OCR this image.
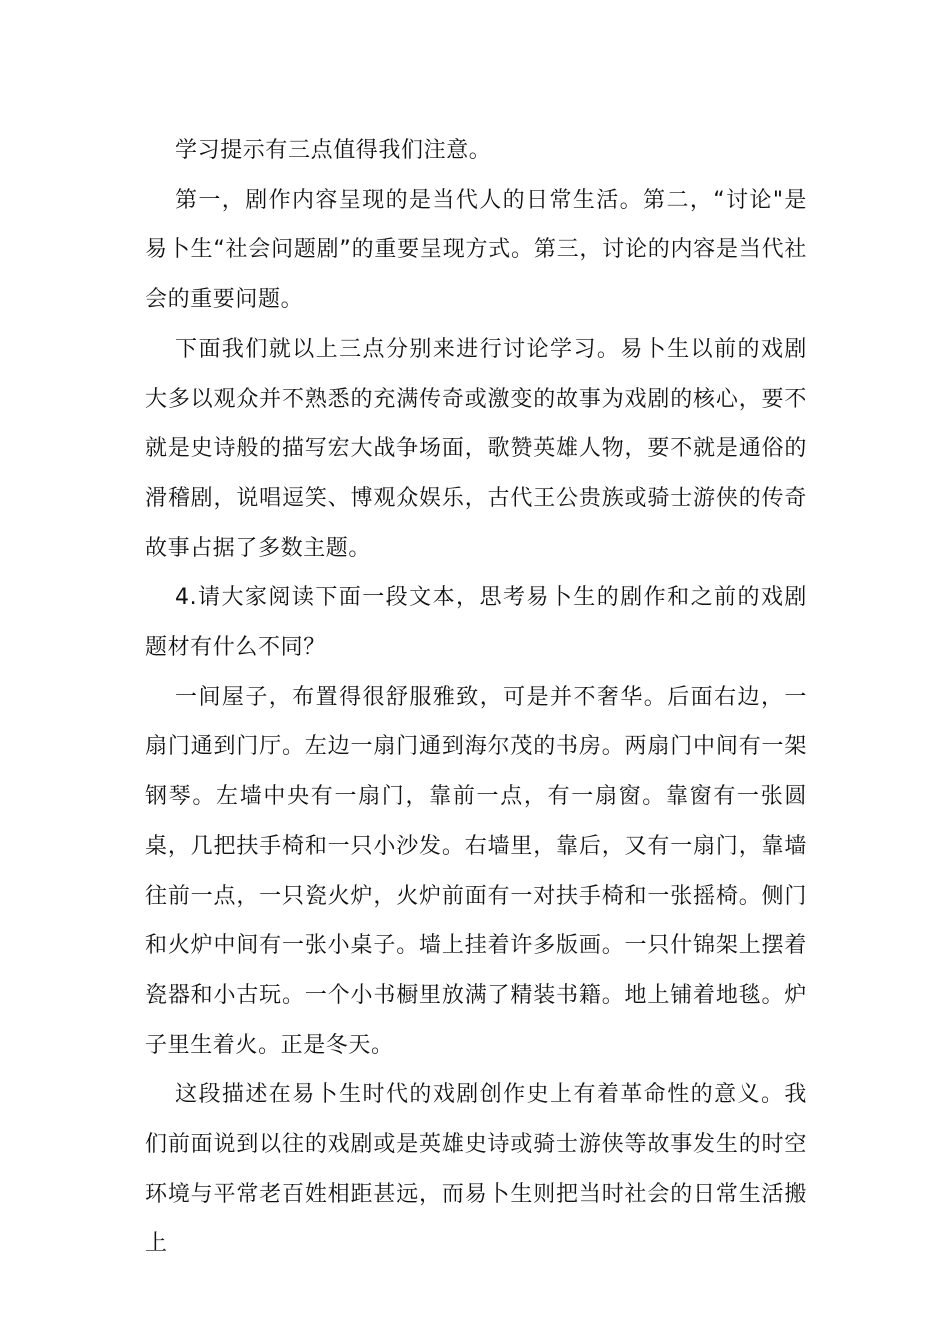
学习提示有三点值得我们注意。

第一，剧作内容呈现的是当代人的日常生活。第二，“讨论"是易卜生“社会问题剧”的重要呈现方式。第三，讨论的内容是当代社会的重要问题。

下面我们就以上三点分别来进行讨论学习。易卜生以前的戏剧大多以观众并不熟悉的充满传奇或激变的故事为戏剧的核心，要不就是史诗般的描写宏大战争场面，歌赞英雄人物，要不就是通俗的滑稽剧，说唱逗笑、博观众娱乐，古代王公贵族或骑士游侠的传奇故事占据了多数主题。

4.请大家阅读下面一段文本，思考易卜生的剧作和之前的戏剧题材有什么不同？

一间屋子，布置得很舒服雅致，可是并不奢华。后面右边，一扇门通到门厅。左边一扇门通到海尔茂的书房。两扇门中间有一架钢琴。左墙中央有一扇门，靠前一点，有一扇窗。靠窗有一张圆桌，几把扶手椅和一只小沙发。右墙里，靠后，又有一扇门，靠墙往前一点，一只瓷火炉，火炉前面有一对扶手椅和一张摇椅。侧门和火炉中间有一张小桌子。墙上挂着许多版画。一只什锦架上摆着瓷器和小古玩。一个小书橱里放满了精装书籍。地上铺着地毯。炉子里生着火。正是冬天。

这段描述在易卜生时代的戏剧创作史上有着革命性的意义。我们前面说到以往的戏剧或是英雄史诗或骑士游侠等故事发生的时空环境与平常老百姓相距甚远，而易卜生则把当时社会的日常生活搬上
